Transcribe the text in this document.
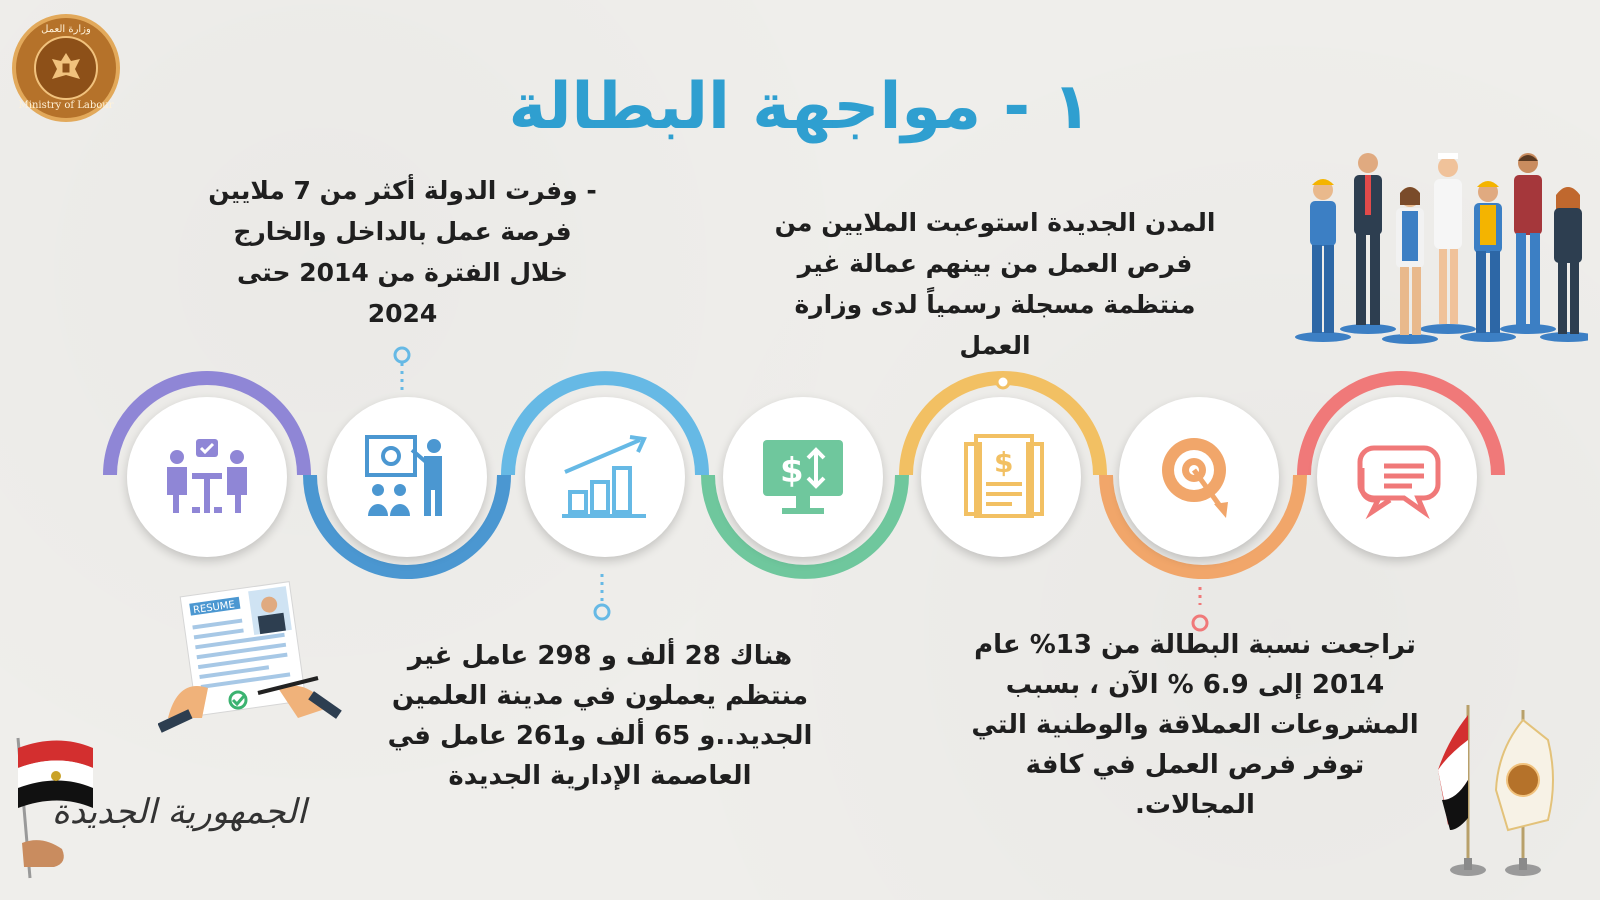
وزارة العمل
Ministry of Labour	١ - مواجهة البطالة
- وفرت الدولة أكثر من 7 ملايين فرصة عمل بالداخل والخارج خلال الفترة من 2014 حتى 2024
المدن الجديدة استوعبت الملايين من فرص العمل من بينهم عمالة غير منتظمة مسجلة رسمياً لدى وزارة العمل
$	$
هناك 28 ألف و 298 عامل غير منتظم يعملون في مدينة العلمين الجديد..و 65 ألف و261 عامل في العاصمة الإدارية الجديدة
تراجعت نسبة البطالة من 13% عام 2014 إلى 6.9 % الآن ، بسبب المشروعات العملاقة والوطنية التي توفر فرص العمل في كافة المجالات.
RESUME
الجمهورية الجديدة
